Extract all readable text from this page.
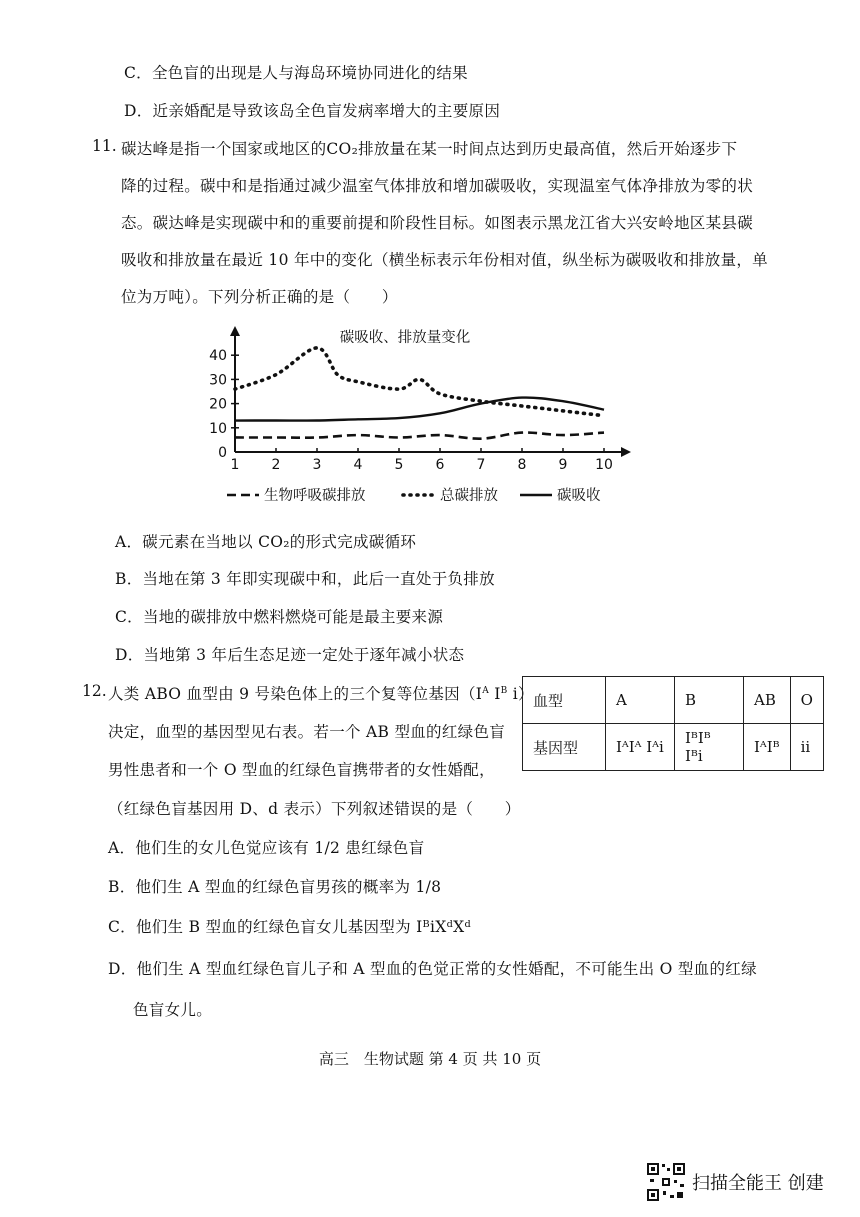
C．全色盲的出现是人与海岛环境协同进化的结果
D．近亲婚配是导致该岛全色盲发病率增大的主要原因
11. 碳达峰是指一个国家或地区的CO₂排放量在某一时间点达到历史最高值，然后开始逐步下
降的过程。碳中和是指通过减少温室气体排放和增加碳吸收，实现温室气体净排放为零的状
态。碳达峰是实现碳中和的重要前提和阶段性目标。如图表示黑龙江省大兴安岭地区某县碳
吸收和排放量在最近 10 年中的变化（横坐标表示年份相对值，纵坐标为碳吸收和排放量，单
位为万吨）。下列分析正确的是（　　）
0
10
20
30
40
1 2 3 4 5 6 7 8 9 10
碳吸收、排放量变化
生物呼吸碳排放	总碳排放	碳吸收
A．碳元素在当地以 CO₂的形式完成碳循环
B．当地在第 3 年即实现碳中和，此后一直处于负排放
C．当地的碳排放中燃料燃烧可能是最主要来源
D．当地第 3 年后生态足迹一定处于逐年减小状态
12. 人类 ABO 血型由 9 号染色体上的三个复等位基因（$I^A$ $I^B$ i）
决定，血型的基因型见右表。若一个 AB 型血的红绿色盲
男性患者和一个 O 型血的红绿色盲携带者的女性婚配，
（红绿色盲基因用 D、d 表示）下列叙述错误的是（　　）
血型	A	B	AB	O
基因型	IᴬIᴬ Iᴬi	IᴮIᴮ Iᴮi	IᴬIᴮ	ii
A．他们生的女儿色觉应该有 1/2 患红绿色盲
B．他们生 A 型血的红绿色盲男孩的概率为 1/8
C．他们生 B 型血的红绿色盲女儿基因型为 IᴮiXᵈXᵈ
D．他们生 A 型血红绿色盲儿子和 A 型血的色觉正常的女性婚配，不可能生出 O 型血的红绿
色盲女儿。
高三　生物试题 第 4 页 共 10 页
扫描全能王 创建
